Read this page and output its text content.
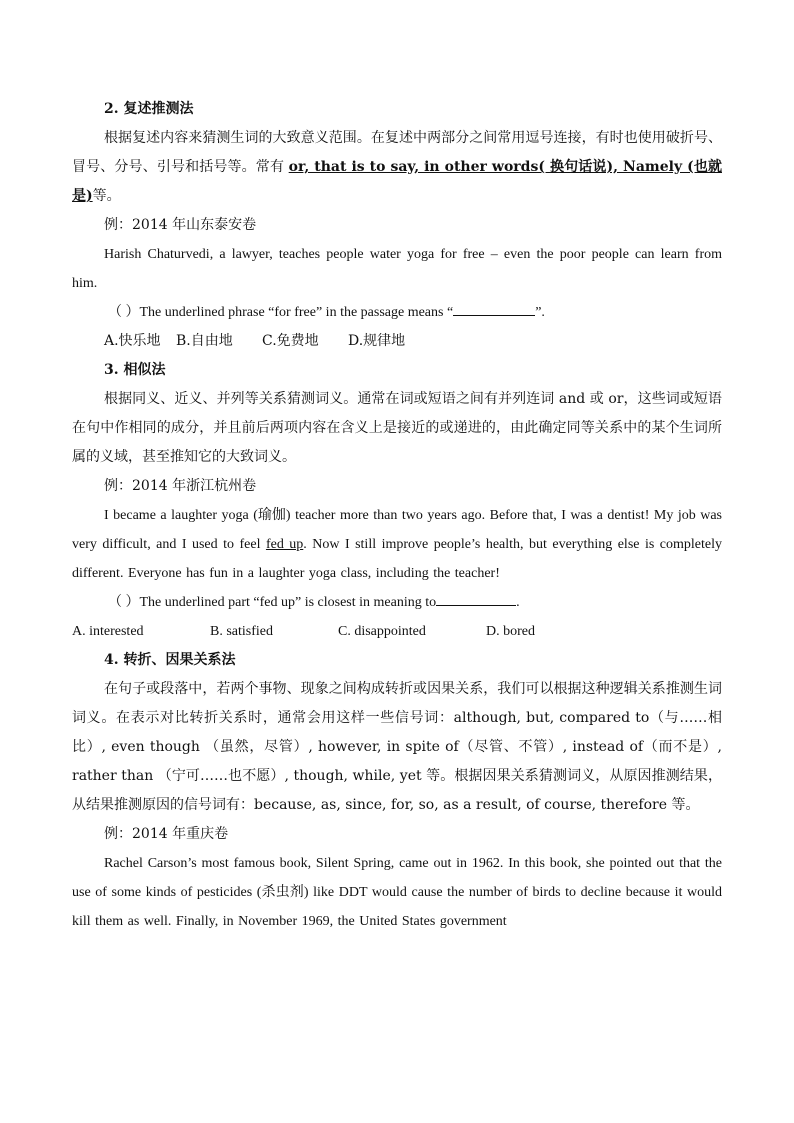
2. 复述推测法
根据复述内容来猜测生词的大致意义范围。在复述中两部分之间常用逗号连接，有时也使用破折号、冒号、分号、引号和括号等。常有 or, that is to say, in other words( 换句话说), Namely (也就是)等。
例：2014 年山东泰安卷
Harish Chaturvedi, a lawyer, teaches people water yoga for free – even the poor people can learn from him.
（ ）The underlined phrase “for free” in the passage means “	”.
A.快乐地	B.自由地	C.免费地	D.规律地
3. 相似法
根据同义、近义、并列等关系猜测词义。通常在词或短语之间有并列连词 and 或 or，这些词或短语在句中作相同的成分，并且前后两项内容在含义上是接近的或递进的，由此确定同等关系中的某个生词所属的义域，甚至推知它的大致词义。
例：2014 年浙江杭州卷
I became a laughter yoga (瑜伽) teacher more than two years ago. Before that, I was a dentist! My job was very difficult, and I used to feel fed up. Now I still improve people’s health, but everything else is completely different. Everyone has fun in a laughter yoga class, including the teacher!
（ ）The underlined part “fed up” is closest in meaning to	.
A. interested	B. satisfied	C. disappointed	D. bored
4. 转折、因果关系法
在句子或段落中，若两个事物、现象之间构成转折或因果关系，我们可以根据这种逻辑关系推测生词词义。在表示对比转折关系时，通常会用这样一些信号词：although, but, compared to（与……相比）, even though （虽然，尽管）, however, in spite of（尽管、不管）, instead of（而不是）, rather than （宁可……也不愿）, though, while, yet 等。根据因果关系猜测词义，从原因推测结果，从结果推测原因的信号词有：because, as, since, for, so, as a result, of course, therefore 等。
例：2014 年重庆卷
Rachel Carson’s most famous book, Silent Spring, came out in 1962. In this book, she pointed out that the use of some kinds of pesticides (杀虫剂) like DDT would cause the number of birds to decline because it would kill them as well. Finally, in November 1969, the United States government
